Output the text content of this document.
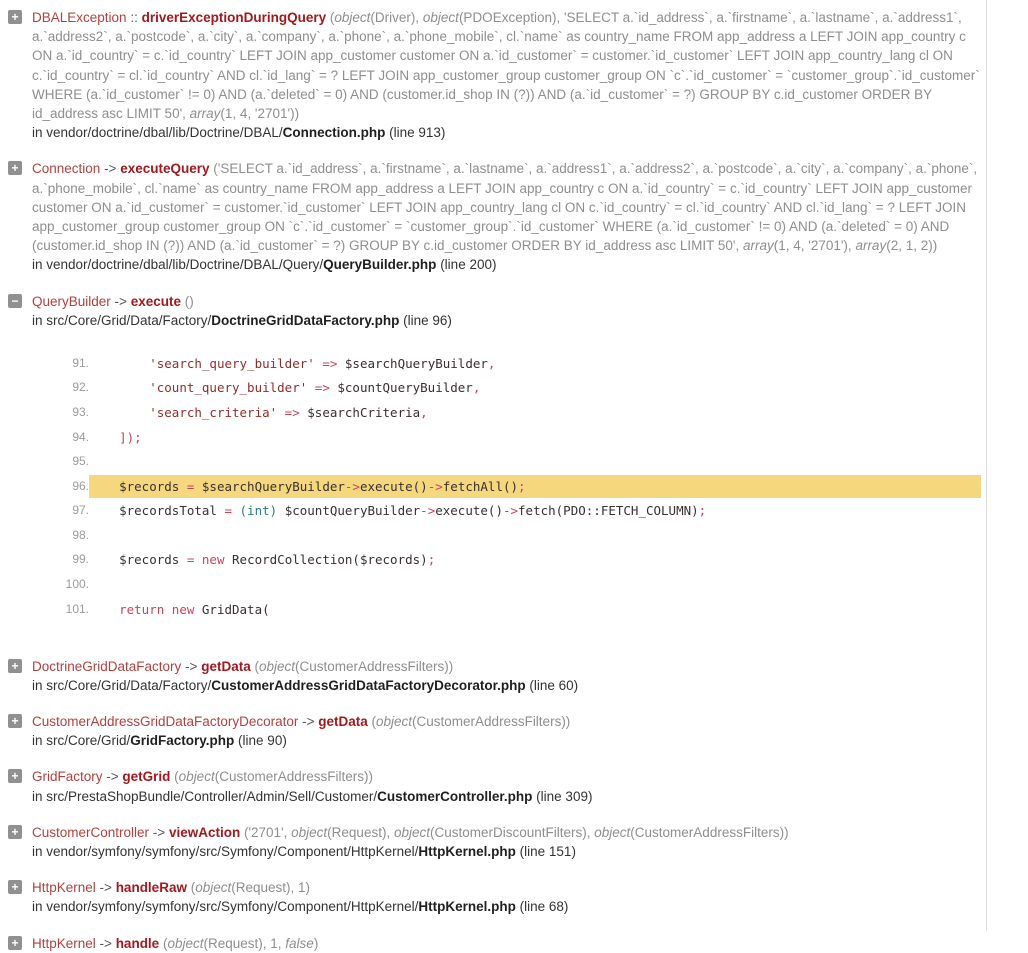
+ DBALException :: driverExceptionDuringQuery (object(Driver), object(PDOException), 'SELECT a.`id_address`, a.`firstname`, a.`lastname`, a.`address1`, a.`address2`, a.`postcode`, a.`city`, a.`company`, a.`phone`, a.`phone_mobile`, cl.`name` as country_name FROM app_address a LEFT JOIN app_country c ON a.`id_country` = c.`id_country` LEFT JOIN app_customer customer ON a.`id_customer` = customer.`id_customer` LEFT JOIN app_country_lang cl ON c.`id_country` = cl.`id_country` AND cl.`id_lang` = ? LEFT JOIN app_customer_group customer_group ON `c`.`id_customer` = `customer_group`.`id_customer` WHERE (a.`id_customer` != 0) AND (a.`deleted` = 0) AND (customer.id_shop IN (?)) AND (a.`id_customer` = ?) GROUP BY c.id_customer ORDER BY id_address asc LIMIT 50', array(1, 4, '2701'))
in vendor/doctrine/dbal/lib/Doctrine/DBAL/Connection.php (line 913)
+ Connection -> executeQuery ('SELECT a.`id_address`, a.`firstname`, a.`lastname`, a.`address1`, a.`address2`, a.`postcode`, a.`city`, a.`company`, a.`phone`, a.`phone_mobile`, cl.`name` as country_name FROM app_address a LEFT JOIN app_country c ON a.`id_country` = c.`id_country` LEFT JOIN app_customer customer ON a.`id_customer` = customer.`id_customer` LEFT JOIN app_country_lang cl ON c.`id_country` = cl.`id_country` AND cl.`id_lang` = ? LEFT JOIN app_customer_group customer_group ON `c`.`id_customer` = `customer_group`.`id_customer` WHERE (a.`id_customer` != 0) AND (a.`deleted` = 0) AND (customer.id_shop IN (?)) AND (a.`id_customer` = ?) GROUP BY c.id_customer ORDER BY id_address asc LIMIT 50', array(1, 4, '2701'), array(2, 1, 2))
in vendor/doctrine/dbal/lib/Doctrine/DBAL/Query/QueryBuilder.php (line 200)
− QueryBuilder -> execute ()
in src/Core/Grid/Data/Factory/DoctrineGridDataFactory.php (line 96)
91.	'search_query_builder' => $searchQueryBuilder,
92.	'count_query_builder' => $countQueryBuilder,
93.	'search_criteria' => $searchCriteria,
94.	]);
95.
96.	$records = $searchQueryBuilder->execute()->fetchAll();
97.	$recordsTotal = (int) $countQueryBuilder->execute()->fetch(PDO::FETCH_COLUMN);
98.
99.	$records = new RecordCollection($records);
100.
101.	return new GridData(
+ DoctrineGridDataFactory -> getData (object(CustomerAddressFilters))
in src/Core/Grid/Data/Factory/CustomerAddressGridDataFactoryDecorator.php (line 60)
+ CustomerAddressGridDataFactoryDecorator -> getData (object(CustomerAddressFilters))
in src/Core/Grid/GridFactory.php (line 90)
+ GridFactory -> getGrid (object(CustomerAddressFilters))
in src/PrestaShopBundle/Controller/Admin/Sell/Customer/CustomerController.php (line 309)
+ CustomerController -> viewAction ('2701', object(Request), object(CustomerDiscountFilters), object(CustomerAddressFilters))
in vendor/symfony/symfony/src/Symfony/Component/HttpKernel/HttpKernel.php (line 151)
+ HttpKernel -> handleRaw (object(Request), 1)
in vendor/symfony/symfony/src/Symfony/Component/HttpKernel/HttpKernel.php (line 68)
+ HttpKernel -> handle (object(Request), 1, false)
